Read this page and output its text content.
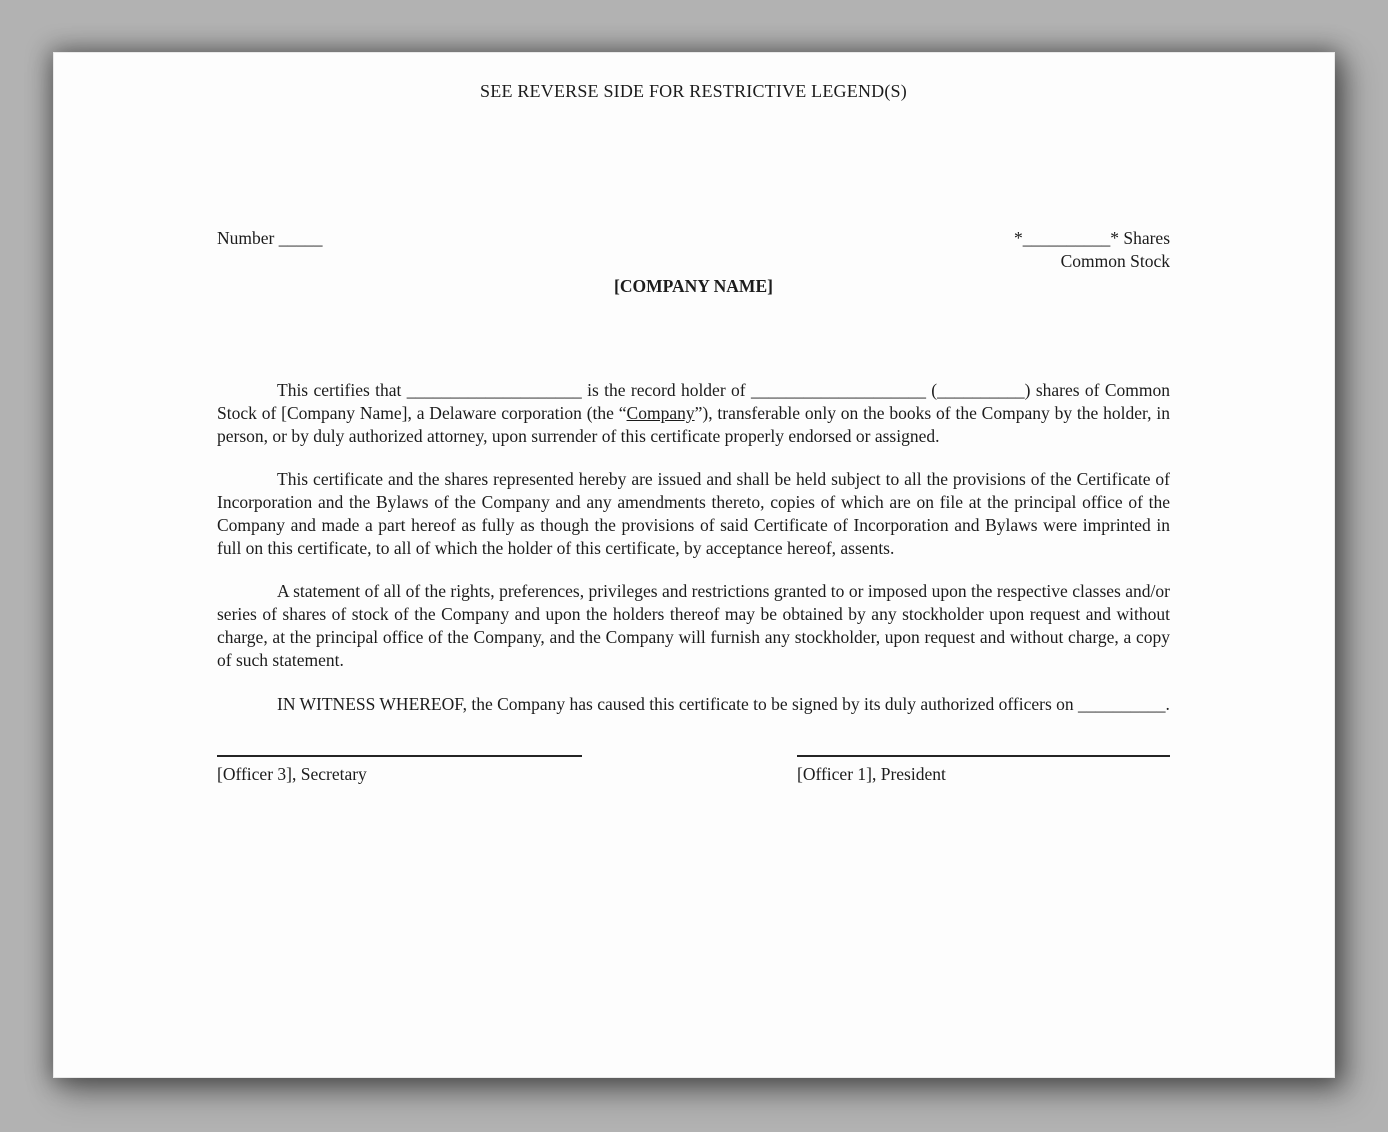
SEE REVERSE SIDE FOR RESTRICTIVE LEGEND(S)
Number _____	*__________* Shares
Common Stock
[COMPANY NAME]

This certifies that ____________________ is the record holder of ____________________ (__________) shares of Common Stock of [Company Name], a Delaware corporation (the “Company”), transferable only on the books of the Company by the holder, in person, or by duly authorized attorney, upon surrender of this certificate properly endorsed or assigned.

This certificate and the shares represented hereby are issued and shall be held subject to all the provisions of the Certificate of Incorporation and the Bylaws of the Company and any amendments thereto, copies of which are on file at the principal office of the Company and made a part hereof as fully as though the provisions of said Certificate of Incorporation and Bylaws were imprinted in full on this certificate, to all of which the holder of this certificate, by acceptance hereof, assents.

A statement of all of the rights, preferences, privileges and restrictions granted to or imposed upon the respective classes and/or series of shares of stock of the Company and upon the holders thereof may be obtained by any stockholder upon request and without charge, at the principal office of the Company, and the Company will furnish any stockholder, upon request and without charge, a copy of such statement.

IN WITNESS WHEREOF, the Company has caused this certificate to be signed by its duly authorized officers on __________.

[Officer 3], Secretary	[Officer 1], President
